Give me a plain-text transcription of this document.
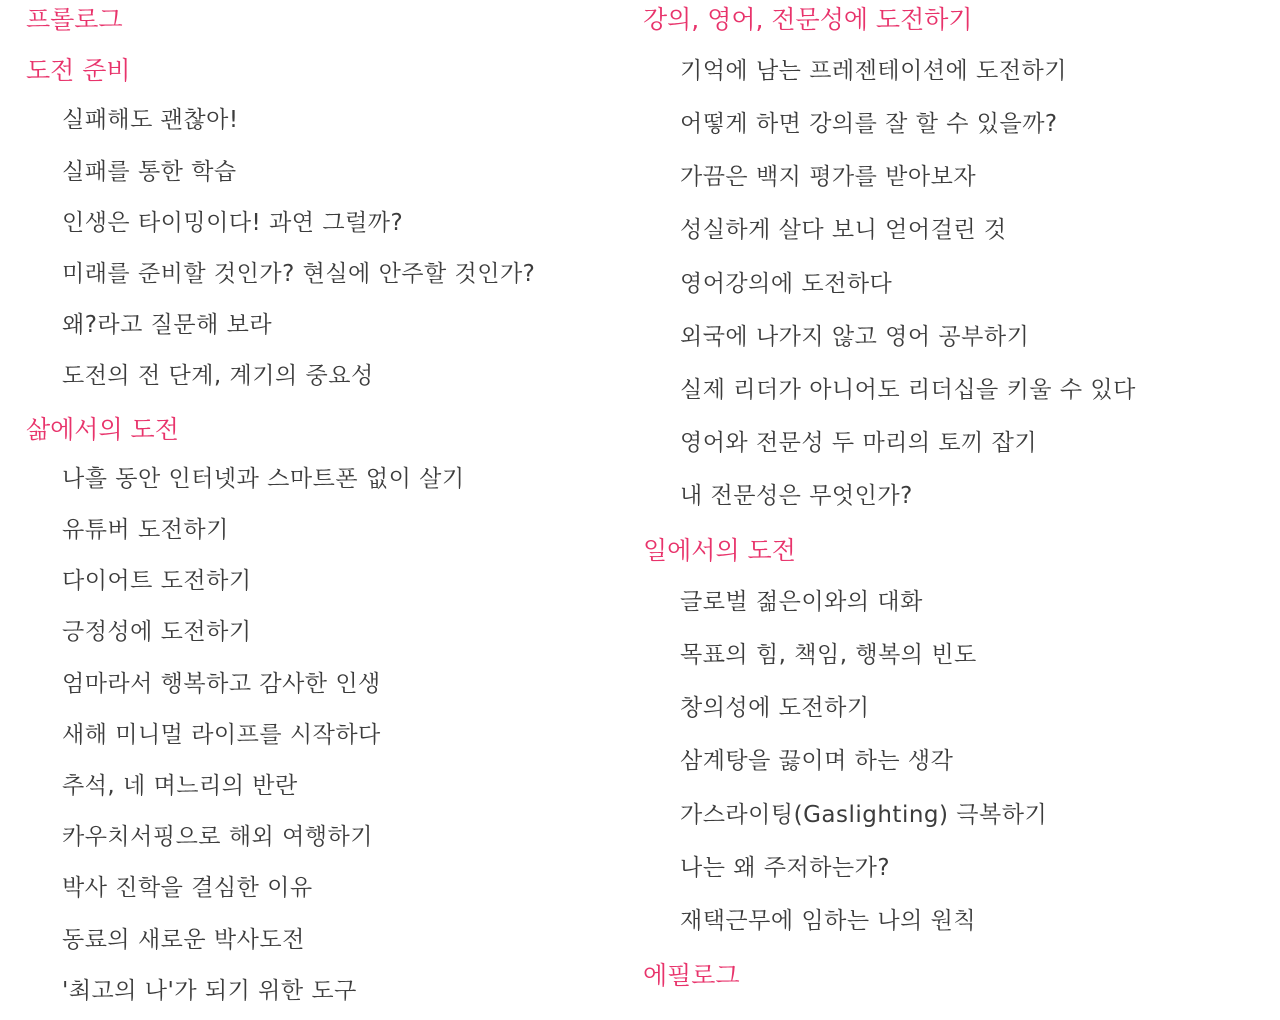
프롤로그
도전 준비
실패해도 괜찮아!
실패를 통한 학습
인생은 타이밍이다! 과연 그럴까?
미래를 준비할 것인가? 현실에 안주할 것인가?
왜?라고 질문해 보라
도전의 전 단계, 계기의 중요성
삶에서의 도전
나흘 동안 인터넷과 스마트폰 없이 살기
유튜버 도전하기
다이어트 도전하기
긍정성에 도전하기
엄마라서 행복하고 감사한 인생
새해 미니멀 라이프를 시작하다
추석, 네 며느리의 반란
카우치서핑으로 해외 여행하기
박사 진학을 결심한 이유
동료의 새로운 박사도전
'최고의 나'가 되기 위한 도구
강의, 영어, 전문성에 도전하기
기억에 남는 프레젠테이션에 도전하기
어떻게 하면 강의를 잘 할 수 있을까?
가끔은 백지 평가를 받아보자
성실하게 살다 보니 얻어걸린 것
영어강의에 도전하다
외국에 나가지 않고 영어 공부하기
실제 리더가 아니어도 리더십을 키울 수 있다
영어와 전문성 두 마리의 토끼 잡기
내 전문성은 무엇인가?
일에서의 도전
글로벌 젊은이와의 대화
목표의 힘, 책임, 행복의 빈도
창의성에 도전하기
삼계탕을 끓이며 하는 생각
가스라이팅(Gaslighting) 극복하기
나는 왜 주저하는가?
재택근무에 임하는 나의 원칙
에필로그
